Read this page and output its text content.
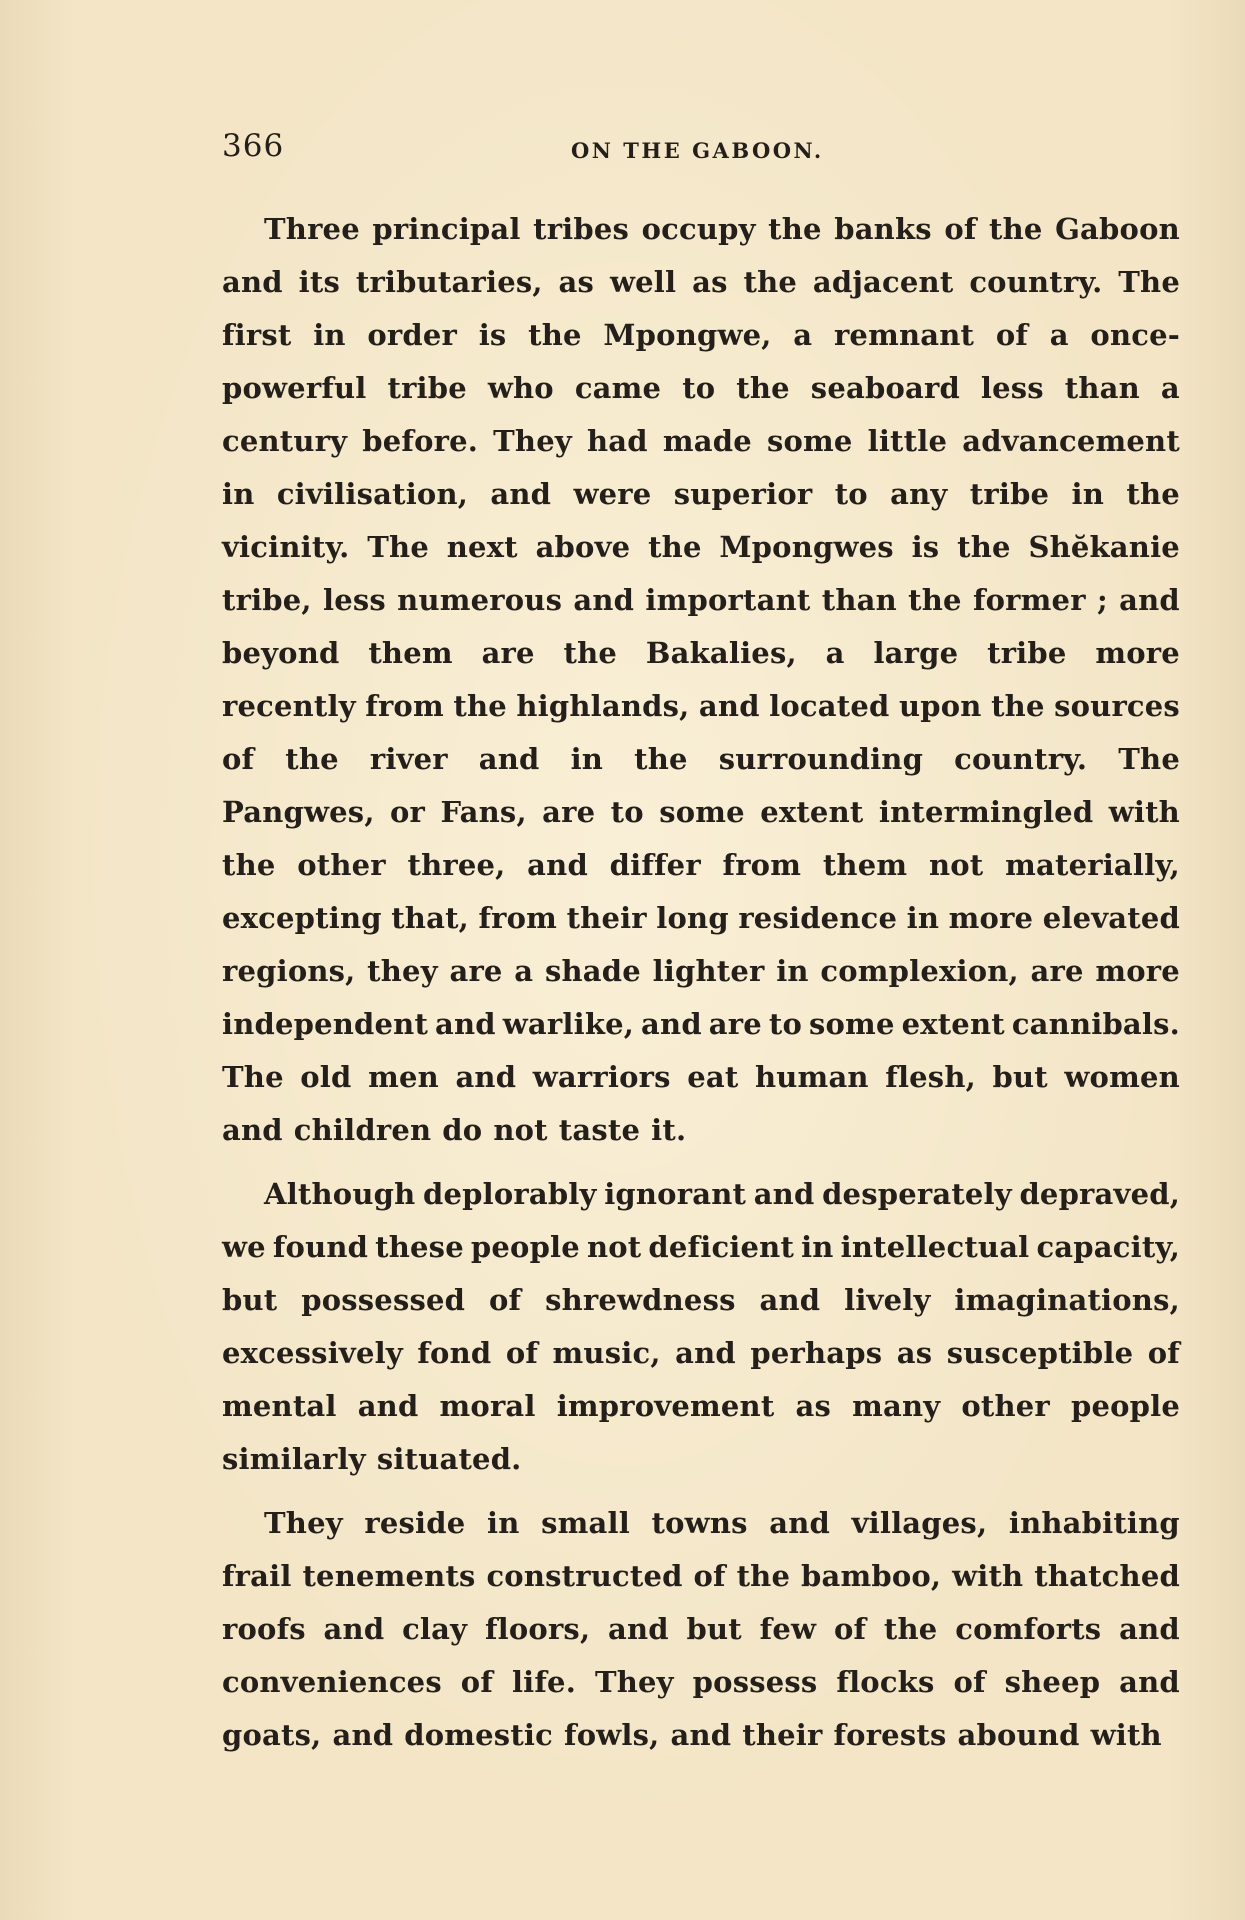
366	ON THE GABOON.
Three principal tribes occupy the banks of the Gaboon
and its tributaries, as well as the adjacent country. The
first in order is the Mpongwe, a remnant of a once-
powerful tribe who came to the seaboard less than a
century before. They had made some little advancement
in civilisation, and were superior to any tribe in the
vicinity. The next above the Mpongwes is the Shĕkanie
tribe, less numerous and important than the former ; and
beyond them are the Bakalies, a large tribe more
recently from the highlands, and located upon the sources
of the river and in the surrounding country. The
Pangwes, or Fans, are to some extent intermingled with
the other three, and differ from them not materially,
excepting that, from their long residence in more elevated
regions, they are a shade lighter in complexion, are more
independent and warlike, and are to some extent cannibals.
The old men and warriors eat human flesh, but women
and children do not taste it.
Although deplorably ignorant and desperately depraved,
we found these people not deficient in intellectual capacity,
but possessed of shrewdness and lively imaginations,
excessively fond of music, and perhaps as susceptible of
mental and moral improvement as many other people
similarly situated.
They reside in small towns and villages, inhabiting
frail tenements constructed of the bamboo, with thatched
roofs and clay floors, and but few of the comforts and
conveniences of life. They possess flocks of sheep and
goats, and domestic fowls, and their forests abound with
